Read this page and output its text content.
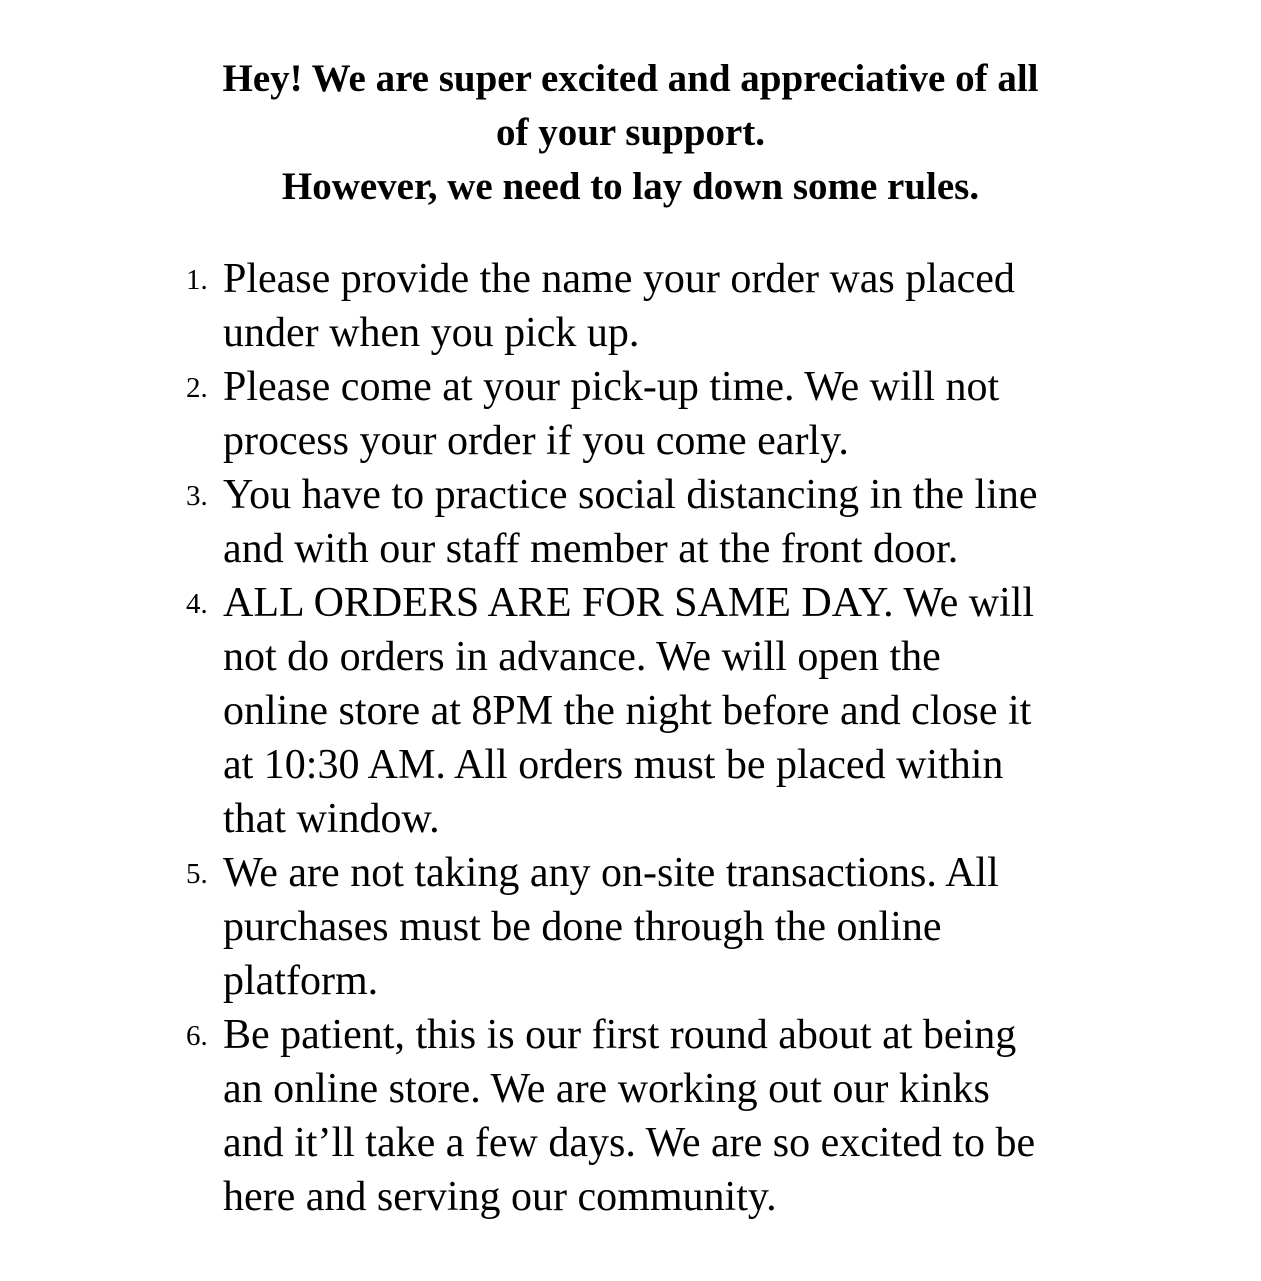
Hey! We are super excited and appreciative of all
of your support.
However, we need to lay down some rules.
1. Please provide the name your order was placed
under when you pick up.
2. Please come at your pick-up time. We will not
process your order if you come early.
3. You have to practice social distancing in the line
and with our staff member at the front door.
4. ALL ORDERS ARE FOR SAME DAY. We will
not do orders in advance. We will open the
online store at 8PM the night before and close it
at 10:30 AM. All orders must be placed within
that window.
5. We are not taking any on-site transactions. All
purchases must be done through the online
platform.
6. Be patient, this is our first round about at being
an online store. We are working out our kinks
and it’ll take a few days. We are so excited to be
here and serving our community.
